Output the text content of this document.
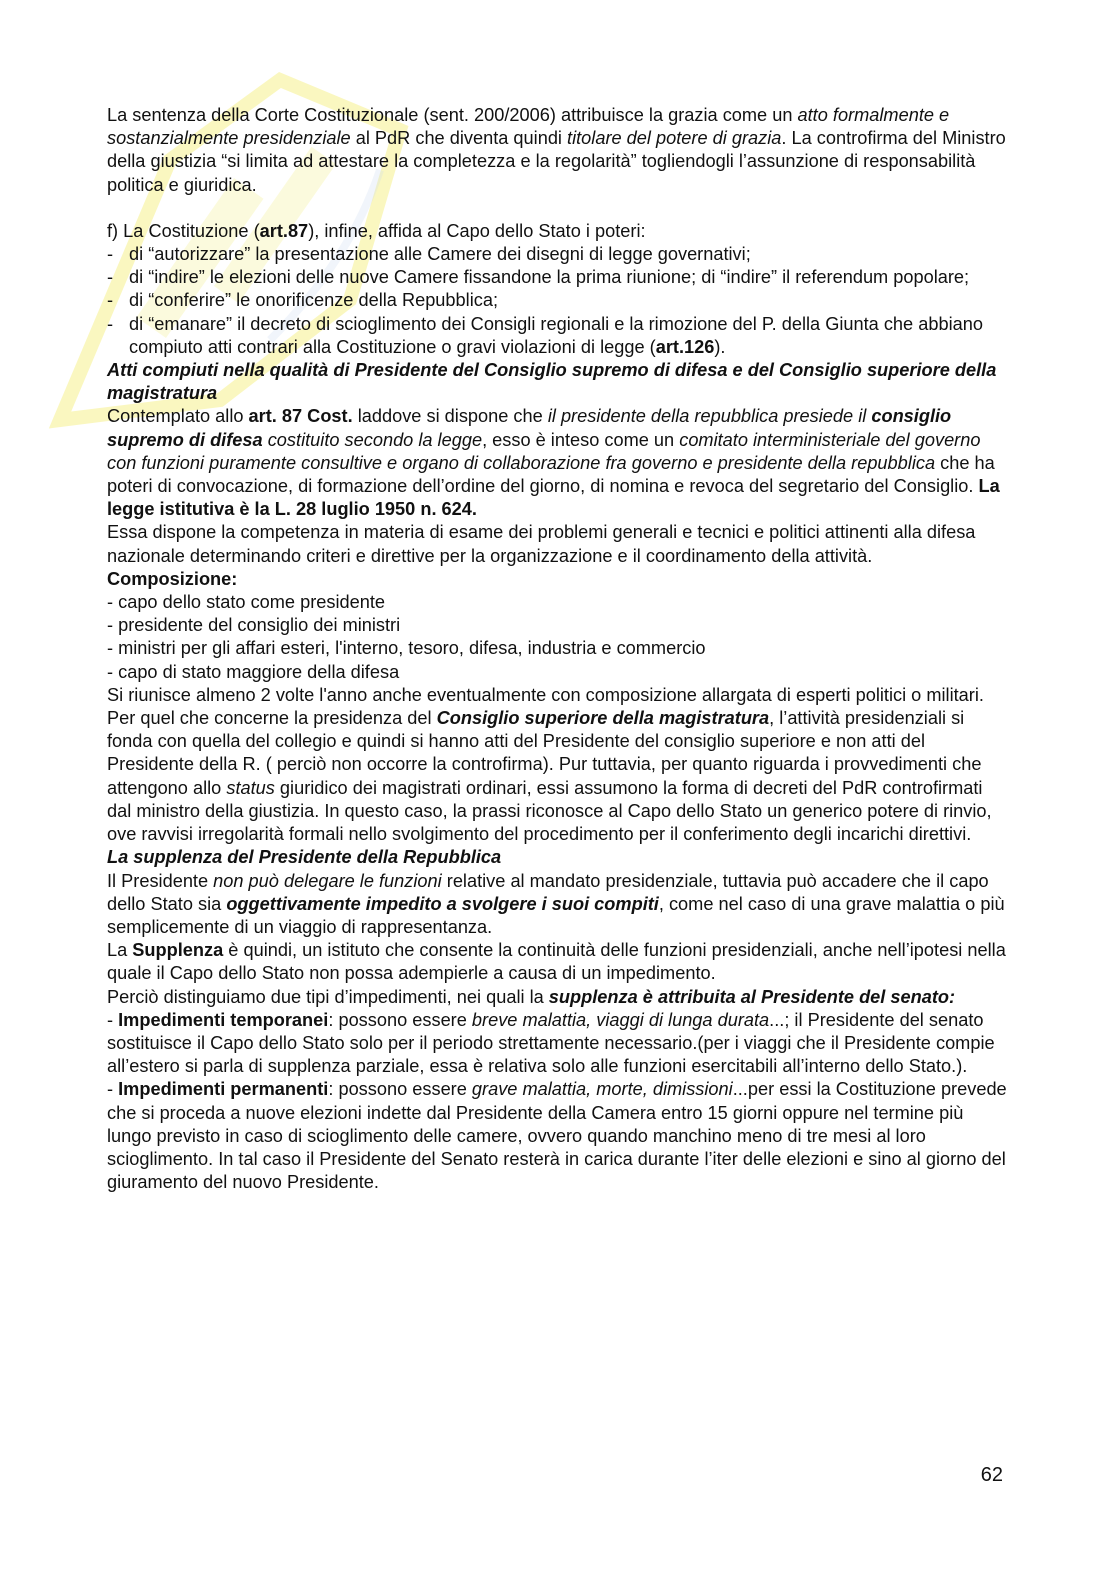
La sentenza della Corte Costituzionale (sent. 200/2006) attribuisce la grazia come un atto formalmente e sostanzialmente presidenziale al PdR che diventa quindi titolare del potere di grazia. La controfirma del Ministro della giustizia “si limita ad attestare la completezza e la regolarità” togliendogli l’assunzione di responsabilità politica e giuridica.

f) La Costituzione (art.87), infine, affida al Capo dello Stato i poteri:

- di “autorizzare” la presentazione alle Camere dei disegni di legge governativi;
- di “indire” le elezioni delle nuove Camere fissandone la prima riunione; di “indire” il referendum popolare;
- di “conferire” le onorificenze della Repubblica;
- di “emanare” il decreto di scioglimento dei Consigli regionali e la rimozione del P. della Giunta che abbiano compiuto atti contrari alla Costituzione o gravi violazioni di legge (art.126).

Atti compiuti nella qualità di Presidente del Consiglio supremo di difesa e del Consiglio superiore della magistratura

Contemplato allo art. 87 Cost. laddove si dispone che il presidente della repubblica presiede il consiglio supremo di difesa costituito secondo la legge, esso è inteso come un comitato interministeriale del governo con funzioni puramente consultive e organo di collaborazione fra governo e presidente della repubblica che ha poteri di convocazione, di formazione dell’ordine del giorno, di nomina e revoca del segretario del Consiglio. La legge istitutiva è la L. 28 luglio 1950 n. 624.

Essa dispone la competenza in materia di esame dei problemi generali e tecnici e politici attinenti alla difesa nazionale determinando criteri e direttive per la organizzazione e il coordinamento della attività.

Composizione:

- capo dello stato come presidente

- presidente del consiglio dei ministri

- ministri per gli affari esteri, l'interno, tesoro, difesa, industria e commercio

- capo di stato maggiore della difesa

Si riunisce almeno 2 volte l'anno anche eventualmente con composizione allargata di esperti politici o militari.

Per quel che concerne la presidenza del Consiglio superiore della magistratura, l’attività presidenziali si fonda con quella del collegio e quindi si hanno atti del Presidente del consiglio superiore e non atti del Presidente della R. ( perciò non occorre la controfirma). Pur tuttavia, per quanto riguarda i provvedimenti che attengono allo status giuridico dei magistrati ordinari, essi assumono la forma di decreti del PdR controfirmati dal ministro della giustizia. In questo caso, la prassi riconosce al Capo dello Stato un generico potere di rinvio, ove ravvisi irregolarità formali nello svolgimento del procedimento per il conferimento degli incarichi direttivi.

La supplenza del Presidente della Repubblica

Il Presidente non può delegare le funzioni relative al mandato presidenziale, tuttavia può accadere che il capo dello Stato sia oggettivamente impedito a svolgere i suoi compiti, come nel caso di una grave malattia o più semplicemente di un viaggio di rappresentanza.

La Supplenza è quindi, un istituto che consente la continuità delle funzioni presidenziali, anche nell’ipotesi nella quale il Capo dello Stato non possa adempierle a causa di un impedimento.

Perciò distinguiamo due tipi d’impedimenti, nei quali la supplenza è attribuita al Presidente del senato:

- Impedimenti temporanei: possono essere breve malattia, viaggi di lunga durata...; il Presidente del senato sostituisce il Capo dello Stato solo per il periodo strettamente necessario.(per i viaggi che il Presidente compie all’estero si parla di supplenza parziale, essa è relativa solo alle funzioni esercitabili all’interno dello Stato.).

- Impedimenti permanenti: possono essere grave malattia, morte, dimissioni...per essi la Costituzione prevede che si proceda a nuove elezioni indette dal Presidente della Camera entro 15 giorni oppure nel termine più lungo previsto in caso di scioglimento delle camere, ovvero quando manchino meno di tre mesi al loro scioglimento. In tal caso il Presidente del Senato resterà in carica durante l’iter delle elezioni e sino al giorno del giuramento del nuovo Presidente.

62
